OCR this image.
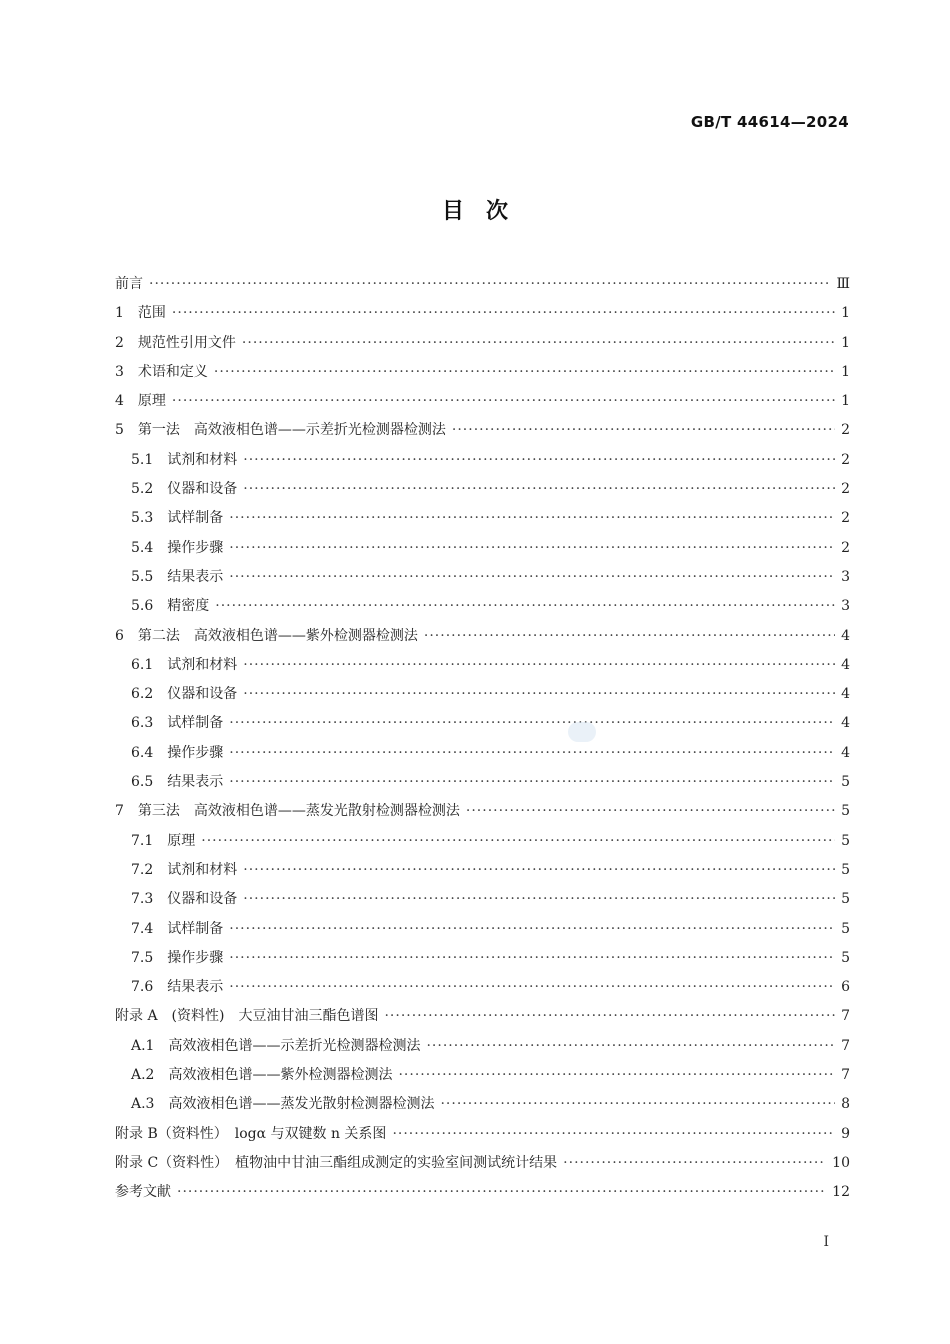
GB/T 44614—2024
目　次
前言 ·····	Ⅲ
1　范围 ·····	1
2　规范性引用文件 ·····	1
3　术语和定义 ·····	1
4　原理 ·····	1
5　第一法　高效液相色谱——示差折光检测器检测法 ·····	2
5.1　试剂和材料 ·····	2
5.2　仪器和设备 ·····	2
5.3　试样制备 ·····	2
5.4　操作步骤 ·····	2
5.5　结果表示 ·····	3
5.6　精密度 ·····	3
6　第二法　高效液相色谱——紫外检测器检测法 ·····	4
6.1　试剂和材料 ·····	4
6.2　仪器和设备 ·····	4
6.3　试样制备 ·····	4
6.4　操作步骤 ·····	4
6.5　结果表示 ·····	5
7　第三法　高效液相色谱——蒸发光散射检测器检测法 ·····	5
7.1　原理 ·····	5
7.2　试剂和材料 ·····	5
7.3　仪器和设备 ·····	5
7.4　试样制备 ·····	5
7.5　操作步骤 ·····	5
7.6　结果表示 ·····	6
附录 A　(资料性)　大豆油甘油三酯色谱图 ·····	7
A.1　高效液相色谱——示差折光检测器检测法 ·····	7
A.2　高效液相色谱——紫外检测器检测法 ·····	7
A.3　高效液相色谱——蒸发光散射检测器检测法 ·····	8
附录 B（资料性）　logα 与双键数 n 关系图 ·····	9
附录 C（资料性）　植物油中甘油三酯组成测定的实验室间测试统计结果 ·····	10
参考文献 ·····	12
Ⅰ
